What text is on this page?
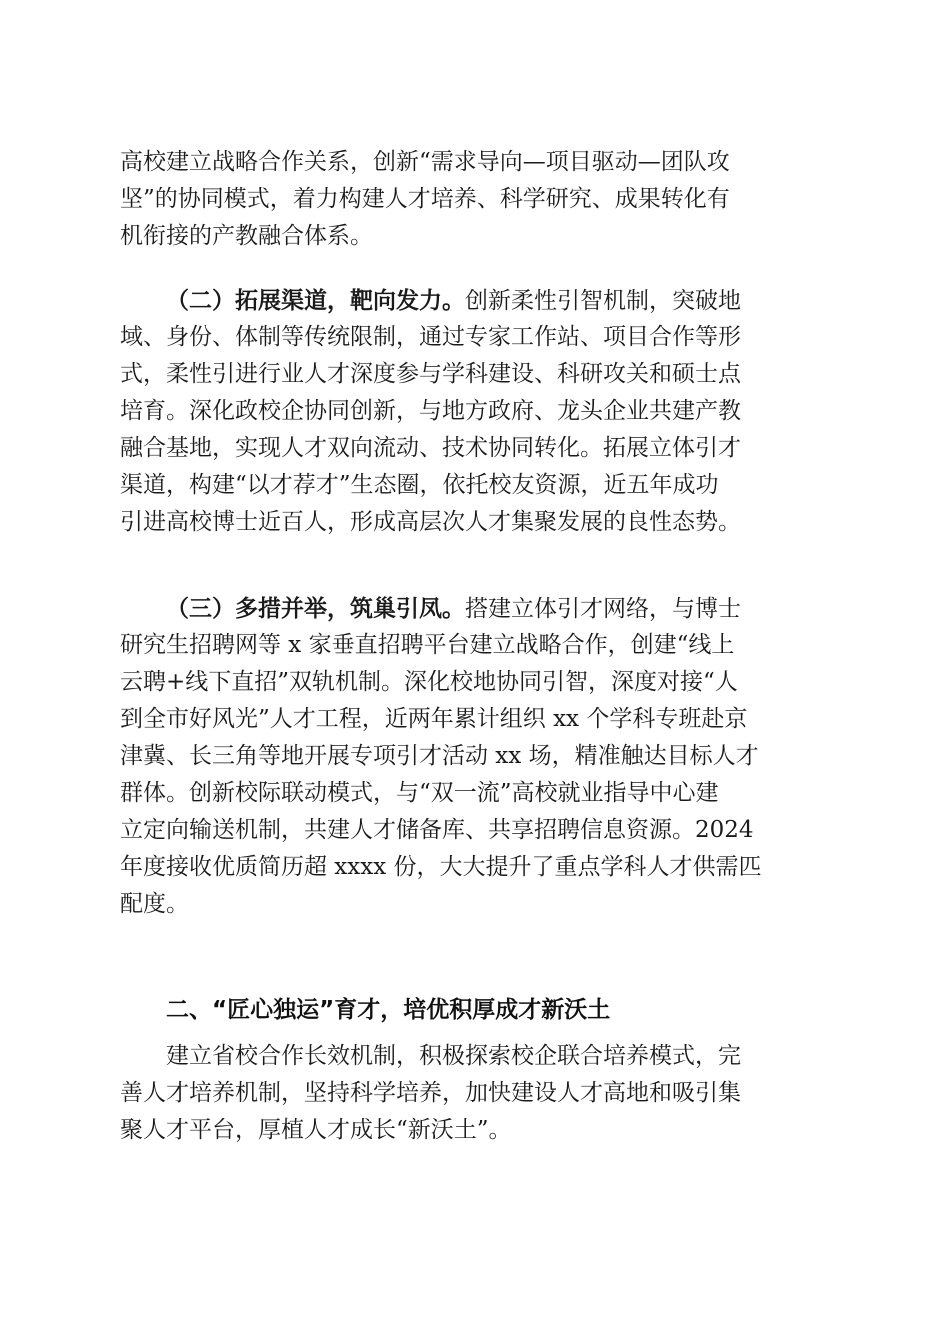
高校建立战略合作关系，创新“需求导向—项目驱动—团队攻
坚”的协同模式，着力构建人才培养、科学研究、成果转化有
机衔接的产教融合体系。
（二）拓展渠道，靶向发力。创新柔性引智机制，突破地
域、身份、体制等传统限制，通过专家工作站、项目合作等形
式，柔性引进行业人才深度参与学科建设、科研攻关和硕士点
培育。深化政校企协同创新，与地方政府、龙头企业共建产教
融合基地，实现人才双向流动、技术协同转化。拓展立体引才
渠道，构建“以才荐才”生态圈，依托校友资源，近五年成功
引进高校博士近百人，形成高层次人才集聚发展的良性态势。
（三）多措并举，筑巢引凤。搭建立体引才网络，与博士
研究生招聘网等 x 家垂直招聘平台建立战略合作，创建“线上
云聘+线下直招”双轨机制。深化校地协同引智，深度对接“人
到全市好风光”人才工程，近两年累计组织 xx 个学科专班赴京
津冀、长三角等地开展专项引才活动 xx 场，精准触达目标人才
群体。创新校际联动模式，与“双一流”高校就业指导中心建
立定向输送机制，共建人才储备库、共享招聘信息资源。2024
年度接收优质简历超 xxxx 份，大大提升了重点学科人才供需匹
配度。
二、“匠心独运”育才，培优积厚成才新沃土
建立省校合作长效机制，积极探索校企联合培养模式，完
善人才培养机制，坚持科学培养，加快建设人才高地和吸引集
聚人才平台，厚植人才成长“新沃土”。
